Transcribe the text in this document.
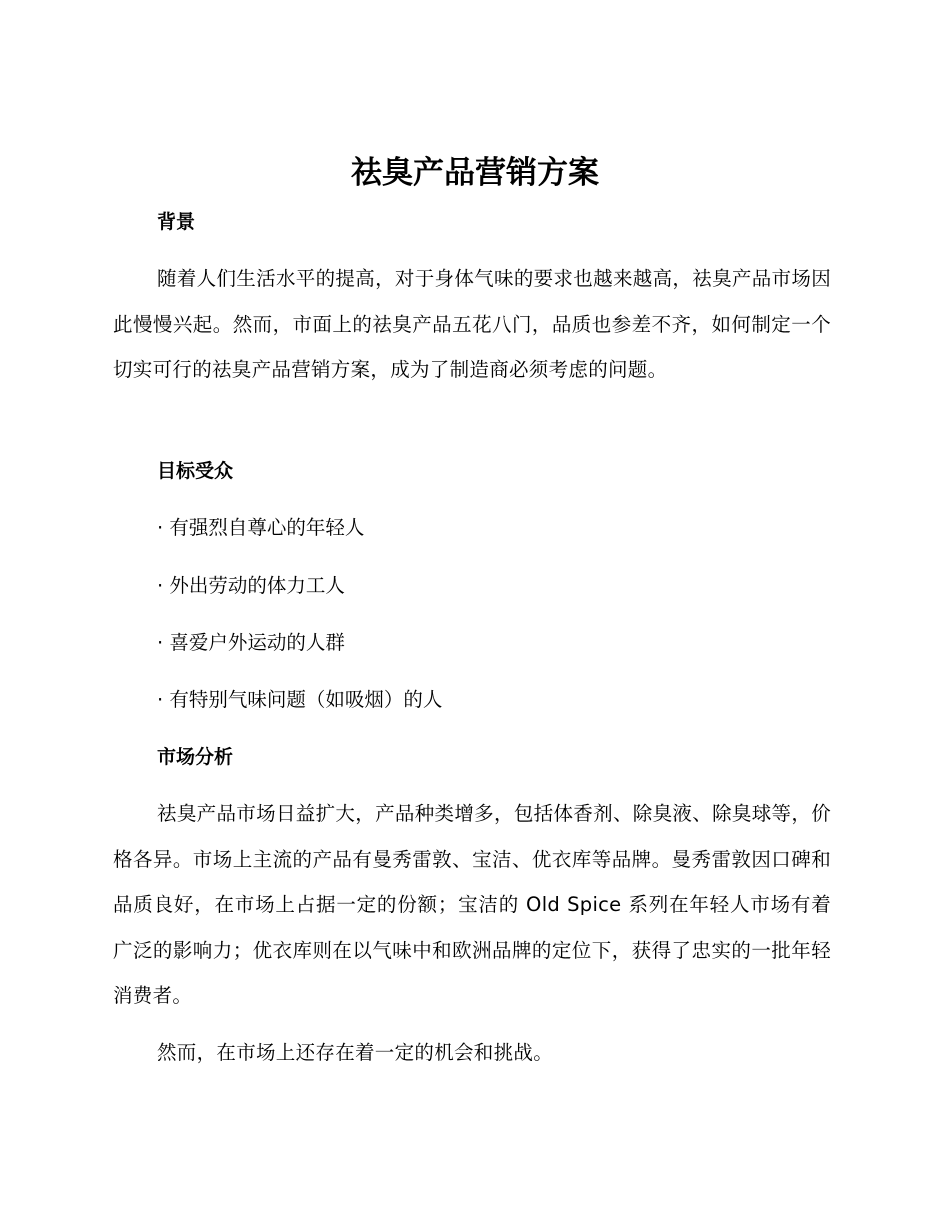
祛臭产品营销方案
背景

随着人们生活水平的提高，对于身体气味的要求也越来越高，祛臭产品市场因此慢慢兴起。然而，市面上的祛臭产品五花八门，品质也参差不齐，如何制定一个切实可行的祛臭产品营销方案，成为了制造商必须考虑的问题。

目标受众

· 有强烈自尊心的年轻人

· 外出劳动的体力工人

· 喜爱户外运动的人群

· 有特别气味问题（如吸烟）的人

市场分析

祛臭产品市场日益扩大，产品种类增多，包括体香剂、除臭液、除臭球等，价格各异。市场上主流的产品有曼秀雷敦、宝洁、优衣库等品牌。曼秀雷敦因口碑和品质良好，在市场上占据一定的份额；宝洁的 Old Spice 系列在年轻人市场有着广泛的影响力；优衣库则在以气味中和欧洲品牌的定位下，获得了忠实的一批年轻消费者。

然而，在市场上还存在着一定的机会和挑战。
